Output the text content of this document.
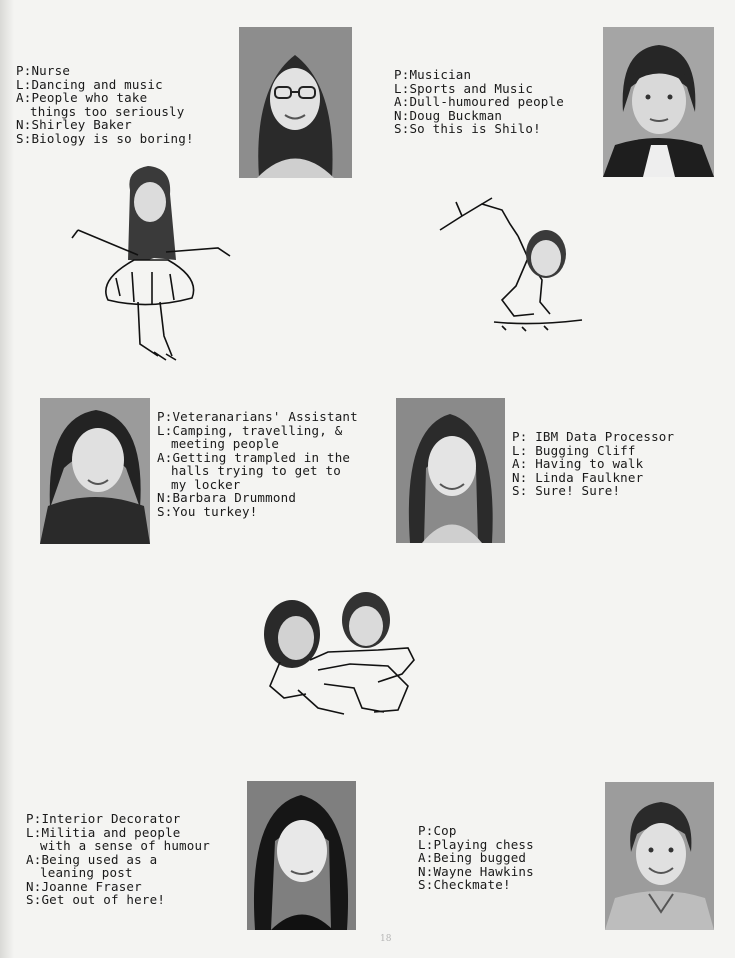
P:Nurse
L:Dancing and music
A:People who take
things too seriously
N:Shirley Baker
S:Biology is so boring!
P:Musician
L:Sports and Music
A:Dull-humoured people
N:Doug Buckman
S:So this is Shilo!
P:Veteranarians' Assistant
L:Camping, travelling, &
meeting people
A:Getting trampled in the
halls trying to get to
my locker
N:Barbara Drummond
S:You turkey!
P: IBM Data Processor
L: Bugging Cliff
A: Having to walk
N: Linda Faulkner
S: Sure! Sure!
P:Interior Decorator
L:Militia and people
with a sense of humour
A:Being used as a
leaning post
N:Joanne Fraser
S:Get out of here!
P:Cop
L:Playing chess
A:Being bugged
N:Wayne Hawkins
S:Checkmate!
18
